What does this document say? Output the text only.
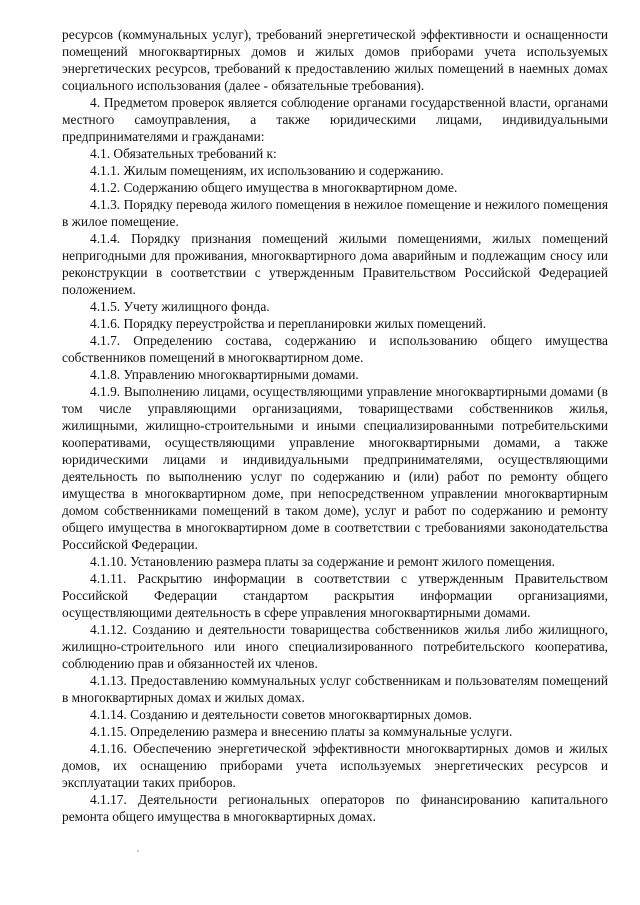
ресурсов (коммунальных услуг), требований энергетической эффективности и оснащенности помещений многоквартирных домов и жилых домов приборами учета используемых энергетических ресурсов, требований к предоставлению жилых помещений в наемных домах социального использования (далее - обязательные требования).

4. Предметом проверок является соблюдение органами государственной власти, органами местного самоуправления, а также юридическими лицами, индивидуальными предпринимателями и гражданами:

4.1. Обязательных требований к:

4.1.1. Жилым помещениям, их использованию и содержанию.

4.1.2. Содержанию общего имущества в многоквартирном доме.

4.1.3. Порядку перевода жилого помещения в нежилое помещение и нежилого помещения в жилое помещение.

4.1.4. Порядку признания помещений жилыми помещениями, жилых помещений непригодными для проживания, многоквартирного дома аварийным и подлежащим сносу или реконструкции в соответствии с утвержденным Правительством Российской Федерацией положением.

4.1.5. Учету жилищного фонда.

4.1.6. Порядку переустройства и перепланировки жилых помещений.

4.1.7. Определению состава, содержанию и использованию общего имущества собственников помещений в многоквартирном доме.

4.1.8. Управлению многоквартирными домами.

4.1.9. Выполнению лицами, осуществляющими управление многоквартирными домами (в том числе управляющими организациями, товариществами собственников жилья, жилищными, жилищно-строительными и иными специализированными потребительскими кооперативами, осуществляющими управление многоквартирными домами, а также юридическими лицами и индивидуальными предпринимателями, осуществляющими деятельность по выполнению услуг по содержанию и (или) работ по ремонту общего имущества в многоквартирном доме, при непосредственном управлении многоквартирным домом собственниками помещений в таком доме), услуг и работ по содержанию и ремонту общего имущества в многоквартирном доме в соответствии с требованиями законодательства Российской Федерации.

4.1.10. Установлению размера платы за содержание и ремонт жилого помещения.

4.1.11. Раскрытию информации в соответствии с утвержденным Правительством Российской Федерации стандартом раскрытия информации организациями, осуществляющими деятельность в сфере управления многоквартирными домами.

4.1.12. Созданию и деятельности товарищества собственников жилья либо жилищного, жилищно-строительного или иного специализированного потребительского кооператива, соблюдению прав и обязанностей их членов.

4.1.13. Предоставлению коммунальных услуг собственникам и пользователям помещений в многоквартирных домах и жилых домах.

4.1.14. Созданию и деятельности советов многоквартирных домов.

4.1.15. Определению размера и внесению платы за коммунальные услуги.

4.1.16. Обеспечению энергетической эффективности многоквартирных домов и жилых домов, их оснащению приборами учета используемых энергетических ресурсов и эксплуатации таких приборов.

4.1.17. Деятельности региональных операторов по финансированию капитального ремонта общего имущества в многоквартирных домах.
